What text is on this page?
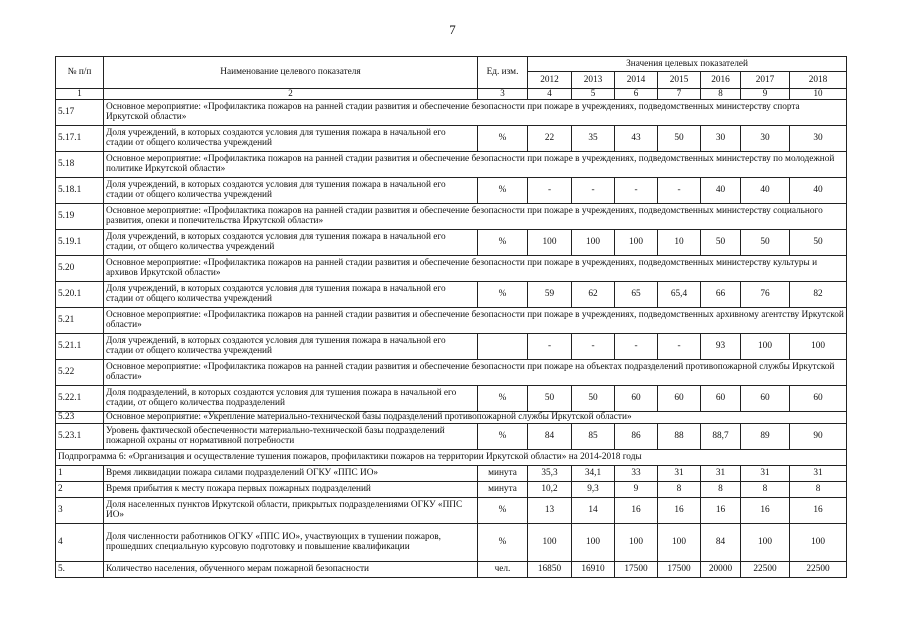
7
№ п/п	Наименование целевого показателя	Ед. изм.	Значения целевых показателей						
			2012	2013	2014	2015	2016	2017	2018
1	2	3	4	5	6	7	8	9	10
5.17	Основное мероприятие: «Профилактика пожаров на ранней стадии развития и обеспечение безопасности при пожаре в учреждениях, подведомственных министерству спорта Иркутской области»								
5.17.1	Доля учреждений, в которых создаются условия для тушения пожара в начальной его стадии от общего количества учреждений	%	22	35	43	50	30	30	30
5.18	Основное мероприятие: «Профилактика пожаров на ранней стадии развития и обеспечение безопасности при пожаре в учреждениях, подведомственных министерству по молодежной политике Иркутской области»								
5.18.1	Доля учреждений, в которых создаются условия для тушения пожара в начальной его стадии от общего количества учреждений	%	-	-	-	-	40	40	40
5.19	Основное мероприятие: «Профилактика пожаров на ранней стадии развития и обеспечение безопасности при пожаре в учреждениях, подведомственных министерству социального развития, опеки и попечительства Иркутской области»								
5.19.1	Доля учреждений, в которых создаются условия для тушения пожара в начальной его стадии, от общего количества учреждений	%	100	100	100	10	50	50	50
5.20	Основное мероприятие: «Профилактика пожаров на ранней стадии развития и обеспечение безопасности при пожаре в учреждениях, подведомственных министерству культуры и архивов Иркутской области»								
5.20.1	Доля учреждений, в которых создаются условия для тушения пожара в начальной его стадии от общего количества учреждений	%	59	62	65	65,4	66	76	82
5.21	Основное мероприятие: «Профилактика пожаров на ранней стадии развития и обеспечение безопасности при пожаре в учреждениях, подведомственных архивному агентству Иркутской области»								
5.21.1	Доля учреждений, в которых создаются условия для тушения пожара в начальной его стадии от общего количества учреждений		-	-	-	-	93	100	100
5.22	Основное мероприятие: «Профилактика пожаров на ранней стадии развития и обеспечение безопасности при пожаре на объектах подразделений противопожарной службы Иркутской области»								
5.22.1	Доля подразделений, в которых создаются условия для тушения пожара в начальной его стадии, от общего количества подразделений	%	50	50	60	60	60	60	60
5.23	Основное мероприятие: «Укрепление материально-технической базы подразделений противопожарной службы Иркутской области»								
5.23.1	Уровень фактической обеспеченности материально-технической базы подразделений пожарной охраны от нормативной потребности	%	84	85	86	88	88,7	89	90
Подпрограмма 6: «Организация и осуществление тушения пожаров, профилактики пожаров на территории Иркутской области» на 2014-2018 годы									
1	Время ликвидации пожара силами подразделений ОГКУ «ППС ИО»	минута	35,3	34,1	33	31	31	31	31
2	Время прибытия к месту пожара первых пожарных подразделений	минута	10,2	9,3	9	8	8	8	8
3	Доля населенных пунктов Иркутской области, прикрытых подразделениями ОГКУ «ППС ИО»	%	13	14	16	16	16	16	16
4	Доля численности работников ОГКУ «ППС ИО», участвующих в тушении пожаров, прошедших специальную курсовую подготовку и повышение квалификации	%	100	100	100	100	84	100	100
5.	Количество населения, обученного мерам пожарной безопасности	чел.	16850	16910	17500	17500	20000	22500	22500
